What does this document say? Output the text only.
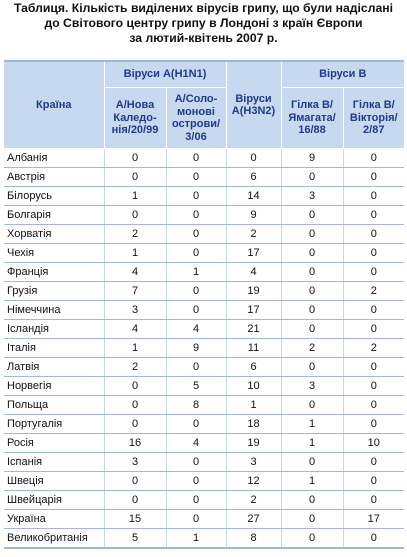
Таблиця. Кількість виділених вірусів грипу, що були надіслані
до Світового центру грипу в Лондоні з країн Європи
за лютий-квітень 2007 р.
Країна	Віруси А(Н1N1)		Віруси А(Н3N2)	Віруси В	
	А/Нова Каледо-нія/20/99	А/Соло-монові острови/ 3/06		Гілка В/ Ямагата/ 16/88	Гілка В/ Вікторія/ 2/87
Албанія	0	0	0	9	0
Австрія	0	0	6	0	0
Білорусь	1	0	14	3	0
Болгарія	0	0	9	0	0
Хорватія	2	0	2	0	0
Чехія	1	0	17	0	0
Франція	4	1	4	0	0
Грузія	7	0	19	0	2
Німеччина	3	0	17	0	0
Ісландія	4	4	21	0	0
Італія	1	9	11	2	2
Латвія	2	0	6	0	0
Норвегія	0	5	10	3	0
Польща	0	8	1	0	0
Португалія	0	0	18	1	0
Росія	16	4	19	1	10
Іспанія	3	0	3	0	0
Швеція	0	0	12	1	0
Швейцарія	0	0	2	0	0
Україна	15	0	27	0	17
Великобританія	5	1	8	0	0
